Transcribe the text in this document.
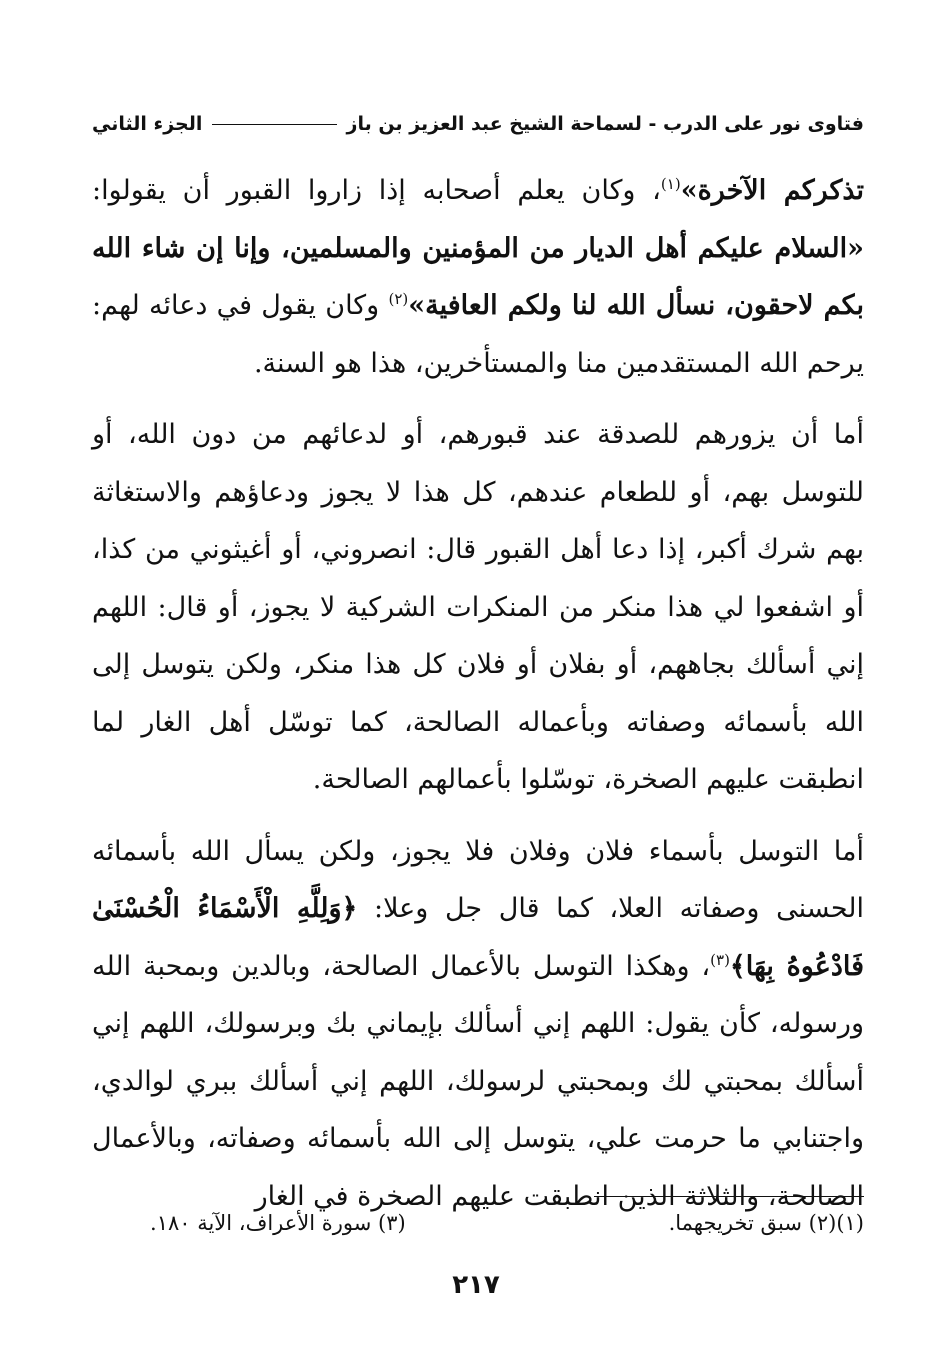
فتاوى نور على الدرب - لسماحة الشيخ عبد العزيز بن باز
الجزء الثاني

تذكركم الآخرة»$^{(١)}$، وكان يعلم أصحابه إذا زاروا القبور أن يقولوا: «السلام عليكم أهل الديار من المؤمنين والمسلمين، وإنا إن شاء الله بكم لاحقون، نسأل الله لنا ولكم العافية»$^{(٢)}$ وكان يقول في دعائه لهم: يرحم الله المستقدمين منا والمستأخرين، هذا هو السنة.

أما أن يزورهم للصدقة عند قبورهم، أو لدعائهم من دون الله، أو للتوسل بهم، أو للطعام عندهم، كل هذا لا يجوز ودعاؤهم والاستغاثة بهم شرك أكبر، إذا دعا أهل القبور قال: انصروني، أو أغيثوني من كذا، أو اشفعوا لي هذا منكر من المنكرات الشركية لا يجوز، أو قال: اللهم إني أسألك بجاههم، أو بفلان أو فلان كل هذا منكر، ولكن يتوسل إلى الله بأسمائه وصفاته وبأعماله الصالحة، كما توسّل أهل الغار لما انطبقت عليهم الصخرة، توسّلوا بأعمالهم الصالحة.

أما التوسل بأسماء فلان وفلان فلا يجوز، ولكن يسأل الله بأسمائه الحسنى وصفاته العلا، كما قال جل وعلا: ﴿وَلِلَّهِ الْأَسْمَاءُ الْحُسْنَىٰ فَادْعُوهُ بِهَا﴾$^{(٣)}$، وهكذا التوسل بالأعمال الصالحة، وبالدين وبمحبة الله ورسوله، كأن يقول: اللهم إني أسألك بإيماني بك وبرسولك، اللهم إني أسألك بمحبتي لك وبمحبتي لرسولك، اللهم إني أسألك ببري لوالدي، واجتنابي ما حرمت علي، يتوسل إلى الله بأسمائه وصفاته، وبالأعمال الصالحة، والثلاثة الذين انطبقت عليهم الصخرة في الغار

(١)(٢) سبق تخريجهما.
(٣) سورة الأعراف، الآية ١٨٠.
٢١٧
